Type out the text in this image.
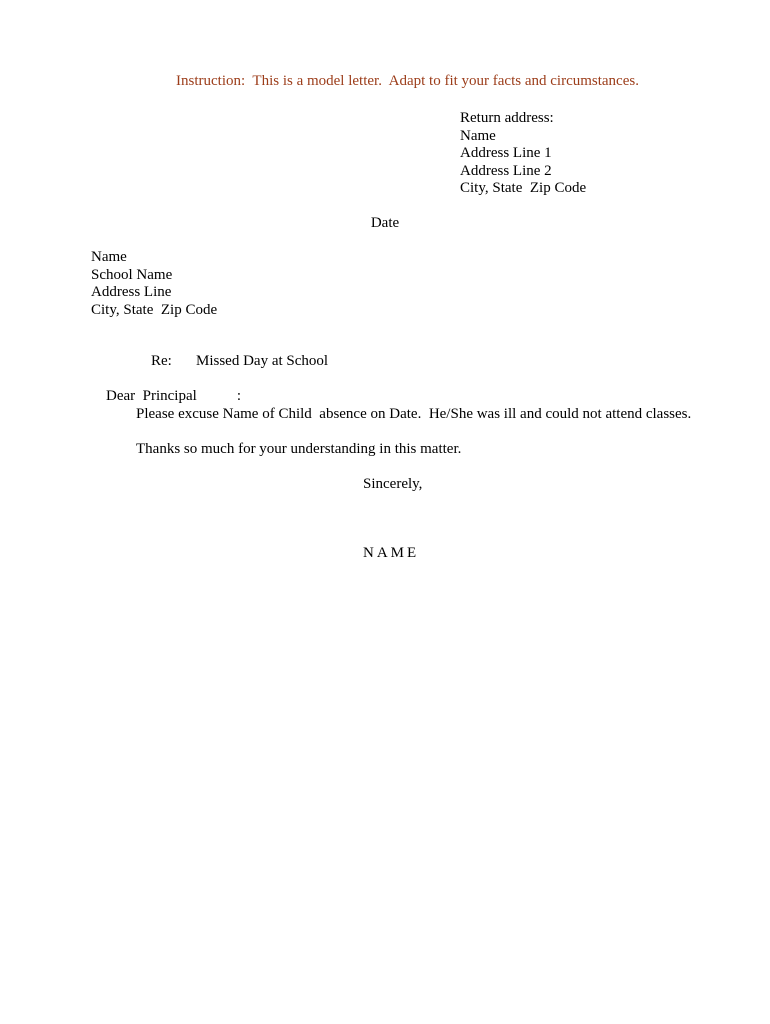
Instruction:  This is a model letter.  Adapt to fit your facts and circumstances.
Return address:
Name
Address Line 1
Address Line 2
City, State  Zip Code
Date
Name
School Name
Address Line
City, State  Zip Code

Re: Missed Day at School

Dear  Principal	:

Please excuse Name of Child  absence on Date.  He/She was ill and could not attend classes.
Thanks so much for your understanding in this matter.
Sincerely,
NAME
